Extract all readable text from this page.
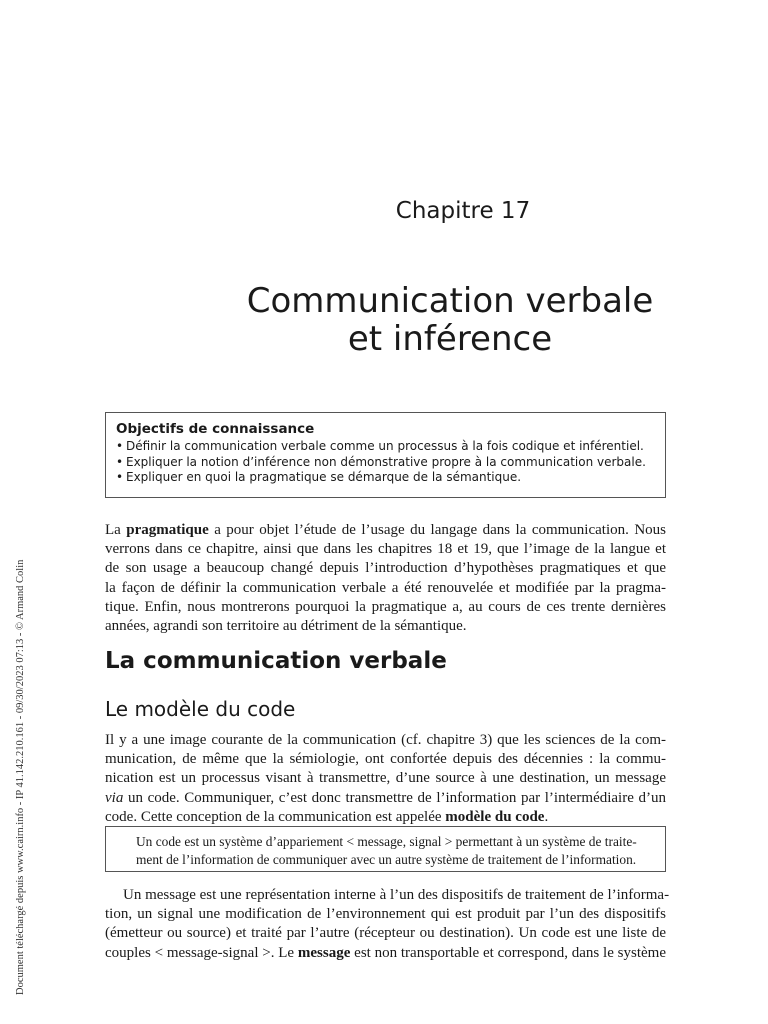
Document téléchargé depuis www.cairn.info - IP 41.142.210.161 - 09/30/2023 07:13 - © Armand Colin
Chapitre 17
Communication verbale
et inférence
Objectifs de connaissance
• Définir la communication verbale comme un processus à la fois codique et inférentiel.
• Expliquer la notion d’inférence non démonstrative propre à la communication verbale.
• Expliquer en quoi la pragmatique se démarque de la sémantique.
La pragmatique a pour objet l’étude de l’usage du langage dans la communication. Nous
verrons dans ce chapitre, ainsi que dans les chapitres 18 et 19, que l’image de la langue et
de son usage a beaucoup changé depuis l’introduction d’hypothèses pragmatiques et que
la façon de définir la communication verbale a été renouvelée et modifiée par la pragma-
tique. Enfin, nous montrerons pourquoi la pragmatique a, au cours de ces trente dernières
années, agrandi son territoire au détriment de la sémantique.
La communication verbale
Le modèle du code
Il y a une image courante de la communication (cf. chapitre 3) que les sciences de la com-
munication, de même que la sémiologie, ont confortée depuis des décennies : la commu-
nication est un processus visant à transmettre, d’une source à une destination, un message
via un code. Communiquer, c’est donc transmettre de l’information par l’intermédiaire d’un
code. Cette conception de la communication est appelée modèle du code.
Un code est un système d’appariement < message, signal > permettant à un système de traite-
ment de l’information de communiquer avec un autre système de traitement de l’information.
Un message est une représentation interne à l’un des dispositifs de traitement de l’informa-
tion, un signal une modification de l’environnement qui est produit par l’un des dispositifs
(émetteur ou source) et traité par l’autre (récepteur ou destination). Un code est une liste de
couples < message-signal >. Le message est non transportable et correspond, dans le système
